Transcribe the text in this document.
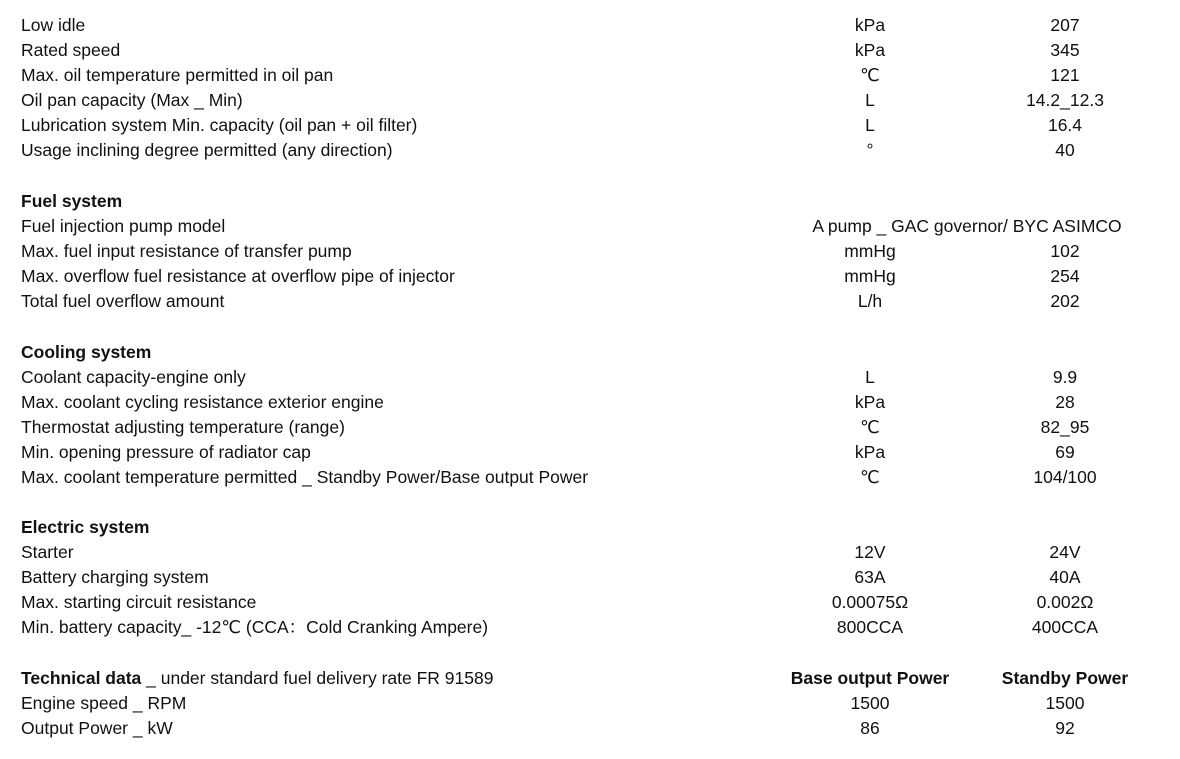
Low idle	kPa	207
Rated speed	kPa	345
Max. oil temperature permitted in oil pan	℃	121
Oil pan capacity (Max _ Min)	L	14.2_12.3
Lubrication system Min. capacity (oil pan + oil filter)	L	16.4
Usage inclining degree permitted (any direction)	°	40
Fuel system
Fuel injection pump model	A pump _ GAC governor/ BYC ASIMCO
Max. fuel input resistance of transfer pump	mmHg	102
Max. overflow fuel resistance at overflow pipe of injector	mmHg	254
Total fuel overflow amount	L/h	202
Cooling system
Coolant capacity-engine only	L	9.9
Max. coolant cycling resistance exterior engine	kPa	28
Thermostat adjusting temperature (range)	℃	82_95
Min. opening pressure of radiator cap	kPa	69
Max. coolant temperature permitted _ Standby Power/Base output Power	℃	104/100
Electric system
Starter	12V	24V
Battery charging system	63A	40A
Max. starting circuit resistance	0.00075Ω	0.002Ω
Min. battery capacity_ -12℃ (CCA：Cold Cranking Ampere)	800CCA	400CCA
Technical data _ under standard fuel delivery rate FR 91589	Base output Power	Standby Power
Engine speed _ RPM	1500	1500
Output Power _ kW	86	92
